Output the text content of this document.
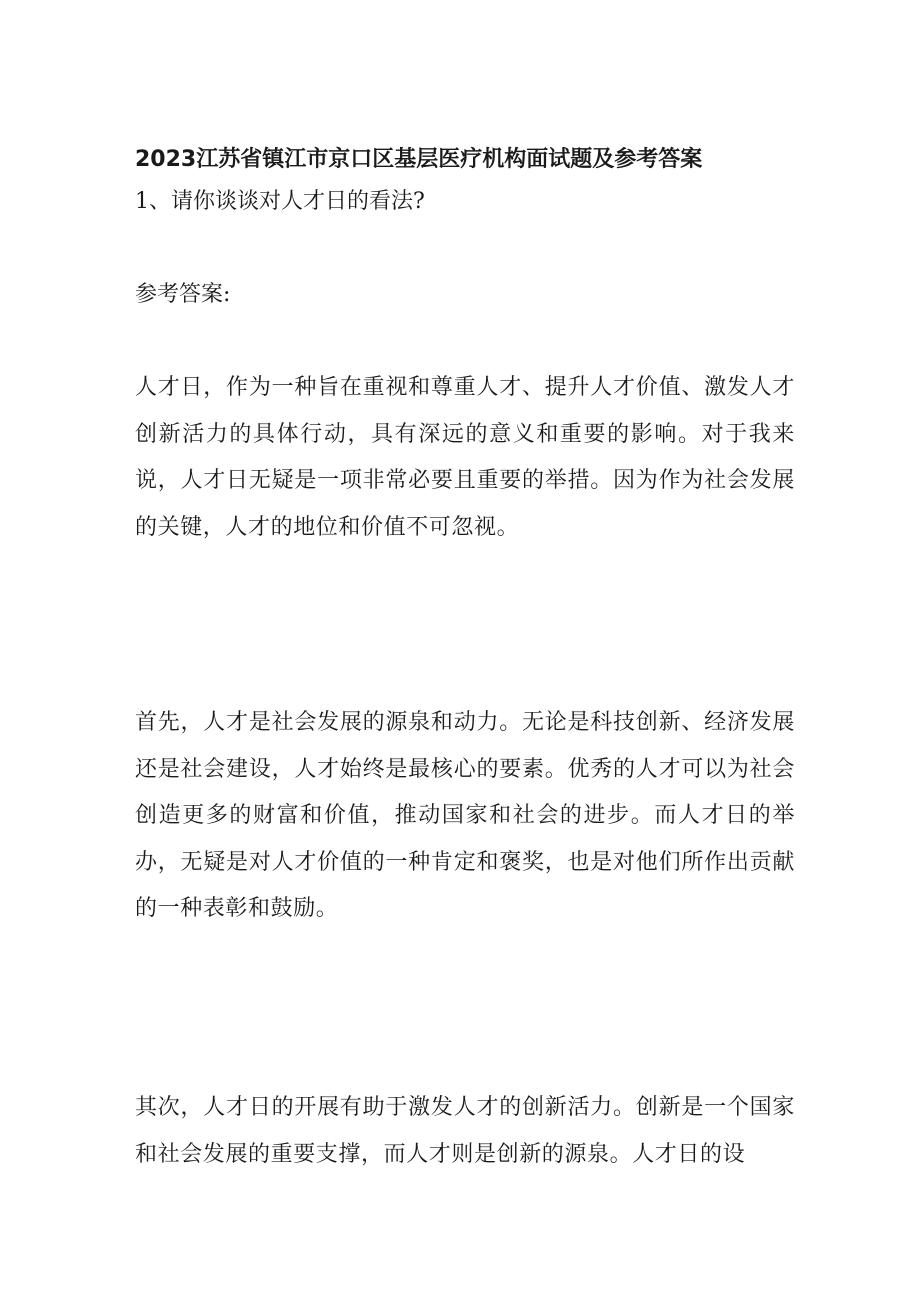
2023江苏省镇江市京口区基层医疗机构面试题及参考答案
1、请你谈谈对人才日的看法?
参考答案:
人才日，作为一种旨在重视和尊重人才、提升人才价值、激发人才创新活力的具体行动，具有深远的意义和重要的影响。对于我来说，人才日无疑是一项非常必要且重要的举措。因为作为社会发展的关键，人才的地位和价值不可忽视。
首先，人才是社会发展的源泉和动力。无论是科技创新、经济发展还是社会建设，人才始终是最核心的要素。优秀的人才可以为社会创造更多的财富和价值，推动国家和社会的进步。而人才日的举办，无疑是对人才价值的一种肯定和褒奖，也是对他们所作出贡献的一种表彰和鼓励。
其次，人才日的开展有助于激发人才的创新活力。创新是一个国家和社会发展的重要支撑，而人才则是创新的源泉。人才日的设
